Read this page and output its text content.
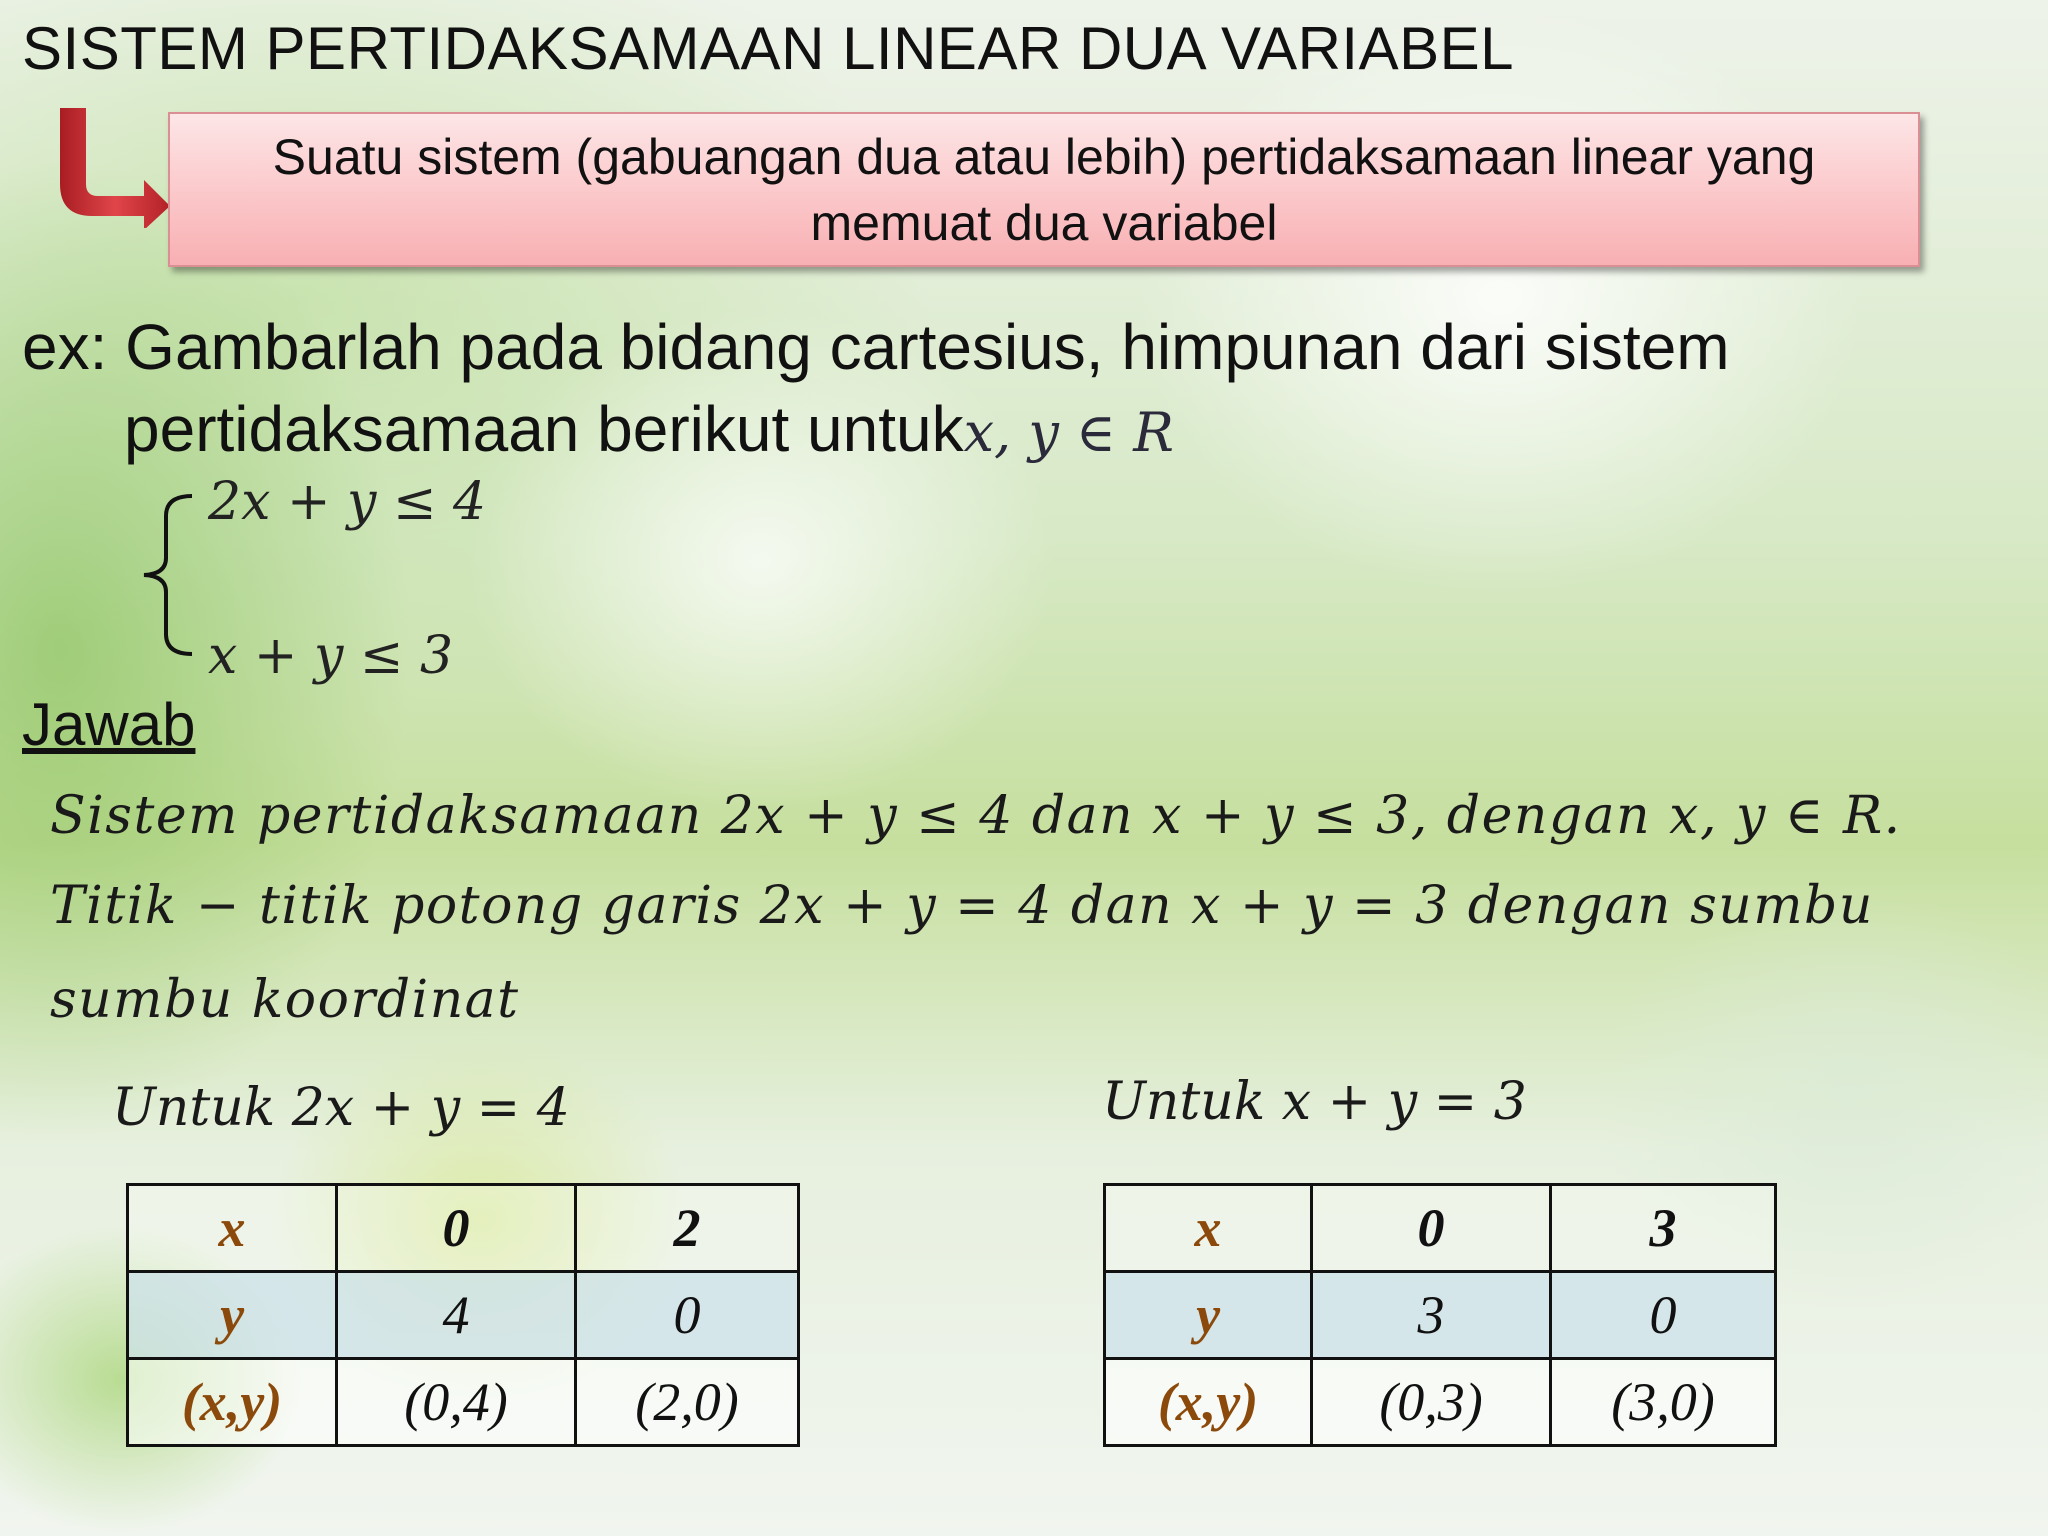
SISTEM PERTIDAKSAMAAN LINEAR DUA VARIABEL
Suatu sistem (gabuangan dua atau lebih) pertidaksamaan linear yang memuat dua variabel
ex: Gambarlah pada bidang cartesius, himpunan dari sistem
pertidaksamaan berikut untukx, y ∈ R
2x + y ≤ 4
x + y ≤ 3
Jawab
Sistem pertidaksamaan 2x + y ≤ 4 dan x + y ≤ 3, dengan x, y ∈ R.
Titik − titik potong garis 2x + y = 4 dan x + y = 3 dengan sumbu
sumbu koordinat
Untuk 2x + y = 4	Untuk x + y = 3
x	0	2
y	4	0
(x,y)	(0,4)	(2,0)
x	0	3
y	3	0
(x,y)	(0,3)	(3,0)
